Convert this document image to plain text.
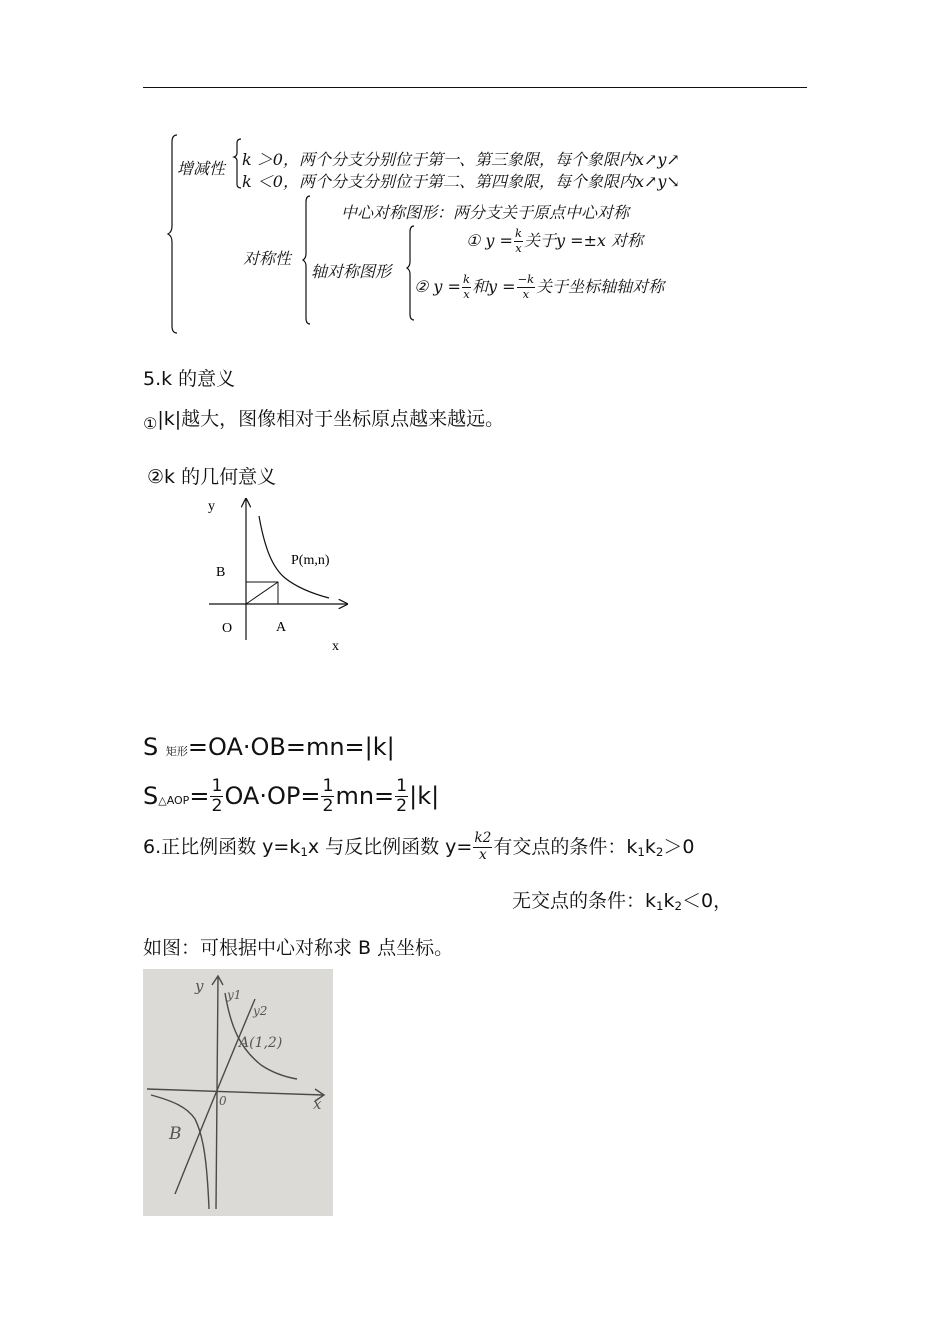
增减性 k ＞0，两个分支分别位于第一、第三象限，每个象限内x↗y↗
k ＜0，两个分支分别位于第二、第四象限，每个象限内x↗y↘
中心对称图形：两分支关于原点中心对称
对称性
轴对称图形
① $y = \frac{k}{x}$ 关于y =±x 对称
② $y = \frac{k}{x}$ 和$y = \frac{-k}{x}$ 关于坐标轴轴对称
5.k 的意义
$_①$|k|越大，图像相对于坐标原点越来越远。
②k 的几何意义
y
P(m,n)
B
O	A
x
S 矩形=OA·OB=mn=|k|
S△AOP= $\frac{1}{2} OA\cdot OP= \frac{1}{2} mn= \frac{1}{2} |k|$
6.正比例函数 $y=k_1x$ 与反比例函数 $y= \frac{k2}{x}$ 有交点的条件：$k_1k_2>0$
无交点的条件：$k_1k_2<0$，
如图：可根据中心对称求 B 点坐标。
y y1
y2
A(1,2)
0	x
B
